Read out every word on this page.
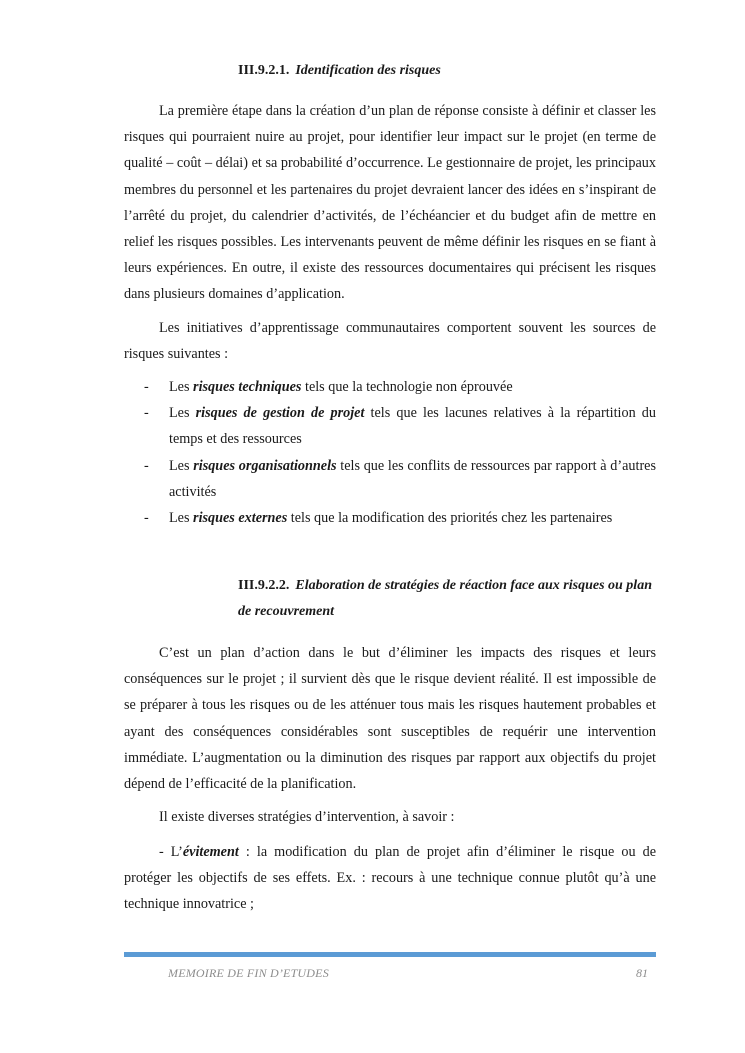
III.9.2.1. Identification des risques

La première étape dans la création d’un plan de réponse consiste à définir et classer les risques qui pourraient nuire au projet, pour identifier leur impact sur le projet (en terme de qualité – coût – délai) et sa probabilité d’occurrence. Le gestionnaire de projet, les principaux membres du personnel et les partenaires du projet devraient lancer des idées en s’inspirant de l’arrêté du projet, du calendrier d’activités, de l’échéancier et du budget afin de mettre en relief les risques possibles. Les intervenants peuvent de même définir les risques en se fiant à leurs expériences. En outre, il existe des ressources documentaires qui précisent les risques dans plusieurs domaines d’application.

Les initiatives d’apprentissage communautaires comportent souvent les sources de risques suivantes :

- Les risques techniques tels que la technologie non éprouvée
- Les risques de gestion de projet tels que les lacunes relatives à la répartition du temps et des ressources
- Les risques organisationnels tels que les conflits de ressources par rapport à d’autres activités
- Les risques externes tels que la modification des priorités chez les partenaires
III.9.2.2. Elaboration de stratégies de réaction face aux risques ou plan de recouvrement

C’est un plan d’action dans le but d’éliminer les impacts des risques et leurs conséquences sur le projet ; il survient dès que le risque devient réalité. Il est impossible de se préparer à tous les risques ou de les atténuer tous mais les risques hautement probables et ayant des conséquences considérables sont susceptibles de requérir une intervention immédiate. L’augmentation ou la diminution des risques par rapport aux objectifs du projet dépend de l’efficacité de la planification.

Il existe diverses stratégies d’intervention, à savoir :

- L’évitement : la modification du plan de projet afin d’éliminer le risque ou de protéger les objectifs de ses effets. Ex. : recours à une technique connue plutôt qu’à une technique innovatrice ;

MEMOIRE DE FIN D’ETUDES	81
